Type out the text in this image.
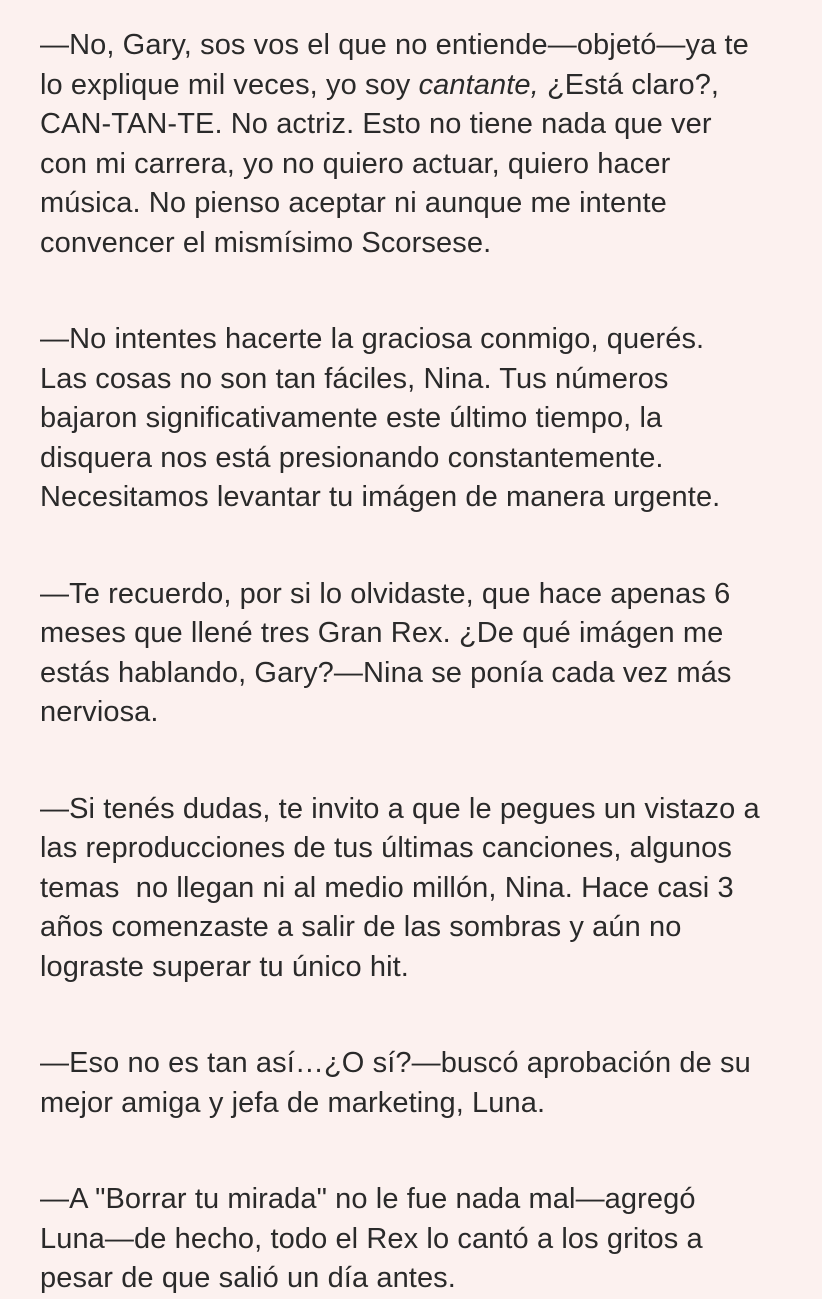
—No, Gary, sos vos el que no entiende—objetó—ya te
lo explique mil veces, yo soy cantante, ¿Está claro?,
CAN-TAN-TE. No actriz. Esto no tiene nada que ver
con mi carrera, yo no quiero actuar, quiero hacer
música. No pienso aceptar ni aunque me intente
convencer el mismísimo Scorsese.

—No intentes hacerte la graciosa conmigo, querés.
Las cosas no son tan fáciles, Nina. Tus números
bajaron significativamente este último tiempo, la
disquera nos está presionando constantemente.
Necesitamos levantar tu imágen de manera urgente.

—Te recuerdo, por si lo olvidaste, que hace apenas 6
meses que llené tres Gran Rex. ¿De qué imágen me
estás hablando, Gary?—Nina se ponía cada vez más
nerviosa.

—Si tenés dudas, te invito a que le pegues un vistazo a
las reproducciones de tus últimas canciones, algunos
temas  no llegan ni al medio millón, Nina. Hace casi 3
años comenzaste a salir de las sombras y aún no
lograste superar tu único hit.

—Eso no es tan así…¿O sí?—buscó aprobación de su
mejor amiga y jefa de marketing, Luna.

—A "Borrar tu mirada" no le fue nada mal—agregó
Luna—de hecho, todo el Rex lo cantó a los gritos a
pesar de que salió un día antes.
